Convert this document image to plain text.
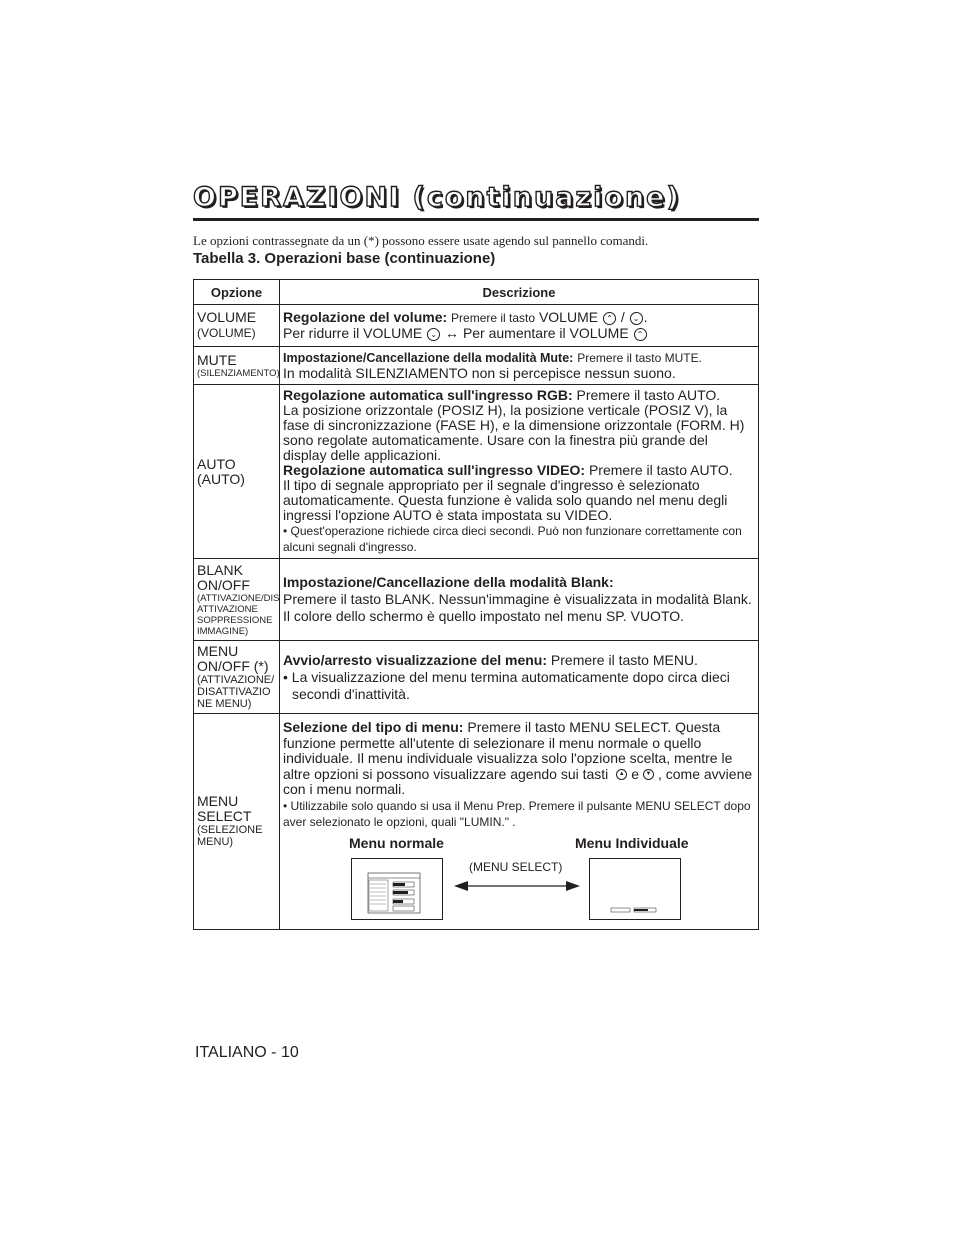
OPERAZIONI (continuazione)
Le opzioni contrassegnate da un (*) possono essere usate agendo sul pannello comandi.
Tabella 3. Operazioni base (continuazione)
Opzione	Descrizione
VOLUME
(VOLUME)	Regolazione del volume: Premere il tasto VOLUME ⌃ / ⌄ .
Per ridurre il VOLUME ⌄ ↔ Per aumentare il VOLUME ⌃
MUTE
(SILENZIAMENTO)	Impostazione/Cancellazione della modalità Mute: Premere il tasto MUTE.
In modalità SILENZIAMENTO non si percepisce nessun suono.
AUTO
(AUTO)	Regolazione automatica sull'ingresso RGB: Premere il tasto AUTO.
La posizione orizzontale (POSIZ H), la posizione verticale (POSIZ V), la fase di sincronizzazione (FASE H), e la dimensione orizzontale (FORM. H) sono regolate automaticamente. Usare con la finestra più grande del display delle applicazioni.
Regolazione automatica sull'ingresso VIDEO: Premere il tasto AUTO.
Il tipo di segnale appropriato per il segnale d'ingresso è selezionato automaticamente. Questa funzione è valida solo quando nel menu degli ingressi l'opzione AUTO è stata impostata su VIDEO.
• Quest'operazione richiede circa dieci secondi. Può non funzionare correttamente con alcuni segnali d'ingresso.
BLANK ON/OFF
(ATTIVAZIONE/DIS ATTIVAZIONE SOPPRESSIONE IMMAGINE)	Impostazione/Cancellazione della modalità Blank:
Premere il tasto BLANK. Nessun'immagine è visualizzata in modalità Blank.
Il colore dello schermo è quello impostato nel menu SP. VUOTO.
MENU ON/OFF (*)
(ATTIVAZIONE/ DISATTIVAZIO NE MENU)	Avvio/arresto visualizzazione del menu: Premere il tasto MENU.
• La visualizzazione del menu termina automaticamente dopo circa dieci
secondi d'inattività.

MENU SELECT
(SELEZIONE MENU)	Selezione del tipo di menu: Premere il tasto MENU SELECT. Questa funzione permette all'utente di selezionare il menu normale o quello individuale. Il menu individuale visualizza solo l'opzione scelta, mentre le altre opzioni si possono visualizzare agendo sui tasti ▲ e ▼ , come avviene con i menu normali.
• Utilizzabile solo quando si usa il Menu Prep. Premere il pulsante MENU SELECT dopo aver selezionato le opzioni, quali "LUMIN." .
Menu normale Menu Individuale
(MENU SELECT)
ITALIANO - 10
